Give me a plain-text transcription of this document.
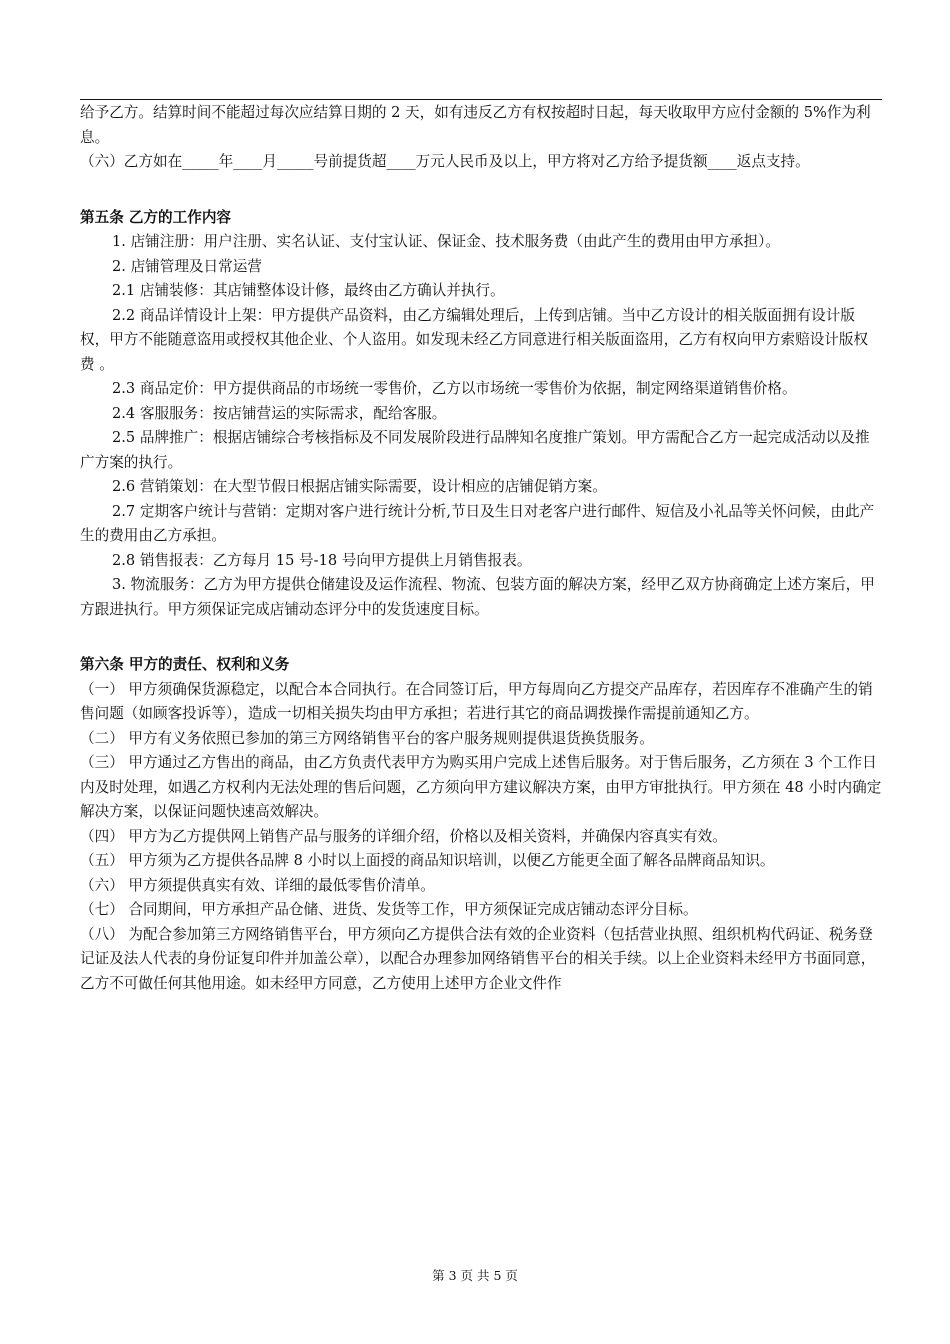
给予乙方。结算时间不能超过每次应结算日期的 2 天，如有违反乙方有权按超时日起，每天收取甲方应付金额的 5%作为利息。

（六）乙方如在_____年____月_____号前提货超____万元人民币及以上，甲方将对乙方给予提货额____返点支持。

第五条 乙方的工作内容

1. 店铺注册：用户注册、实名认证、支付宝认证、保证金、技术服务费（由此产生的费用由甲方承担）。

2. 店铺管理及日常运营

2.1 店铺装修：其店铺整体设计修，最终由乙方确认并执行。

2.2 商品详情设计上架：甲方提供产品资料，由乙方编辑处理后，上传到店铺。当中乙方设计的相关版面拥有设计版权，甲方不能随意盗用或授权其他企业、个人盗用。如发现未经乙方同意进行相关版面盗用，乙方有权向甲方索赔设计版权费 。

2.3 商品定价：甲方提供商品的市场统一零售价，乙方以市场统一零售价为依据，制定网络渠道销售价格。

2.4 客服服务：按店铺营运的实际需求，配给客服。

2.5 品牌推广：根据店铺综合考核指标及不同发展阶段进行品牌知名度推广策划。甲方需配合乙方一起完成活动以及推广方案的执行。

2.6 营销策划：在大型节假日根据店铺实际需要，设计相应的店铺促销方案。

2.7 定期客户统计与营销：定期对客户进行统计分析,节日及生日对老客户进行邮件、短信及小礼品等关怀问候，由此产生的费用由乙方承担。

2.8 销售报表：乙方每月 15 号-18 号向甲方提供上月销售报表。

3. 物流服务：乙方为甲方提供仓储建设及运作流程、物流、包装方面的解决方案，经甲乙双方协商确定上述方案后，甲方跟进执行。甲方须保证完成店铺动态评分中的发货速度目标。

第六条 甲方的责任、权利和义务

（一） 甲方须确保货源稳定，以配合本合同执行。在合同签订后，甲方每周向乙方提交产品库存，若因库存不准确产生的销售问题（如顾客投诉等），造成一切相关损失均由甲方承担；若进行其它的商品调拨操作需提前通知乙方。

（二） 甲方有义务依照已参加的第三方网络销售平台的客户服务规则提供退货换货服务。

（三） 甲方通过乙方售出的商品，由乙方负责代表甲方为购买用户完成上述售后服务。对于售后服务，乙方须在 3 个工作日内及时处理，如遇乙方权利内无法处理的售后问题，乙方须向甲方建议解决方案，由甲方审批执行。甲方须在 48 小时内确定解决方案，以保证问题快速高效解决。

（四） 甲方为乙方提供网上销售产品与服务的详细介绍，价格以及相关资料，并确保内容真实有效。

（五） 甲方须为乙方提供各品牌 8 小时以上面授的商品知识培训，以便乙方能更全面了解各品牌商品知识。

（六） 甲方须提供真实有效、详细的最低零售价清单。

（七） 合同期间，甲方承担产品仓储、进货、发货等工作，甲方须保证完成店铺动态评分目标。

（八） 为配合参加第三方网络销售平台，甲方须向乙方提供合法有效的企业资料（包括营业执照、组织机构代码证、税务登记证及法人代表的身份证复印件并加盖公章），以配合办理参加网络销售平台的相关手续。以上企业资料未经甲方书面同意，乙方不可做任何其他用途。如未经甲方同意，乙方使用上述甲方企业文件作

第 3 页 共 5 页
